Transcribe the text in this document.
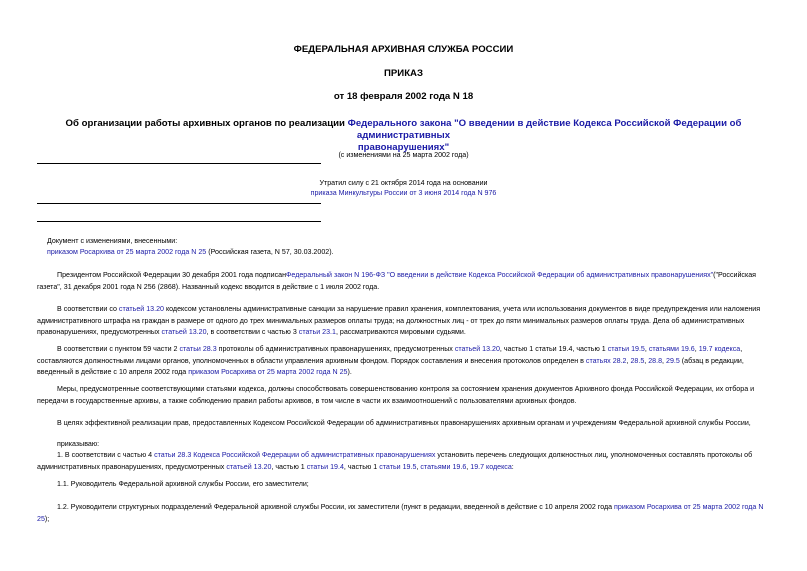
ФЕДЕРАЛЬНАЯ АРХИВНАЯ СЛУЖБА РОССИИ
ПРИКАЗ
от 18 февраля 2002 года N 18
Об организации работы архивных органов по реализации Федерального закона "О введении в действие Кодекса Российской Федерации об административных
правонарушениях"
(с изменениями на 25 марта 2002 года)
Утратил силу с 21 октября 2014 года на основании
приказа Минкультуры России от 3 июня 2014 года N 976
Документ с изменениями, внесенными:
приказом Росархива от 25 марта 2002 года N 25 (Российская газета, N 57, 30.03.2002).
Президентом Российской Федерации 30 декабря 2001 года подписанФедеральный закон N 196-ФЗ "О введении в действие Кодекса Российской Федерации об административных правонарушениях"("Российская газета", 31 декабря 2001 года N 256 (2868). Названный кодекс вводится в действие с 1 июля 2002 года.
В соответствии со статьей 13.20 кодексом установлены административные санкции за нарушение правил хранения, комплектования, учета или использования документов в виде предупреждения или наложения административного штрафа на граждан в размере от одного до трех минимальных размеров оплаты труда; на должностных лиц - от трех до пяти минимальных размеров оплаты труда. Дела об административных правонарушениях, предусмотренных статьей 13.20, в соответствии с частью 3 статьи 23.1, рассматриваются мировыми судьями.
В соответствии с пунктом 59 части 2 статьи 28.3 протоколы об административных правонарушениях, предусмотренных статьей 13.20, частью 1 статьи 19.4, частью 1 статьи 19.5, статьями 19.6, 19.7 кодекса, составляются должностными лицами органов, уполномоченных в области управления архивным фондом. Порядок составления и внесения протоколов определен в статьях 28.2, 28.5, 28.8, 29.5 (абзац в редакции, введенный в действие с 10 апреля 2002 года приказом Росархива от 25 марта 2002 года N 25).
Меры, предусмотренные соответствующими статьями кодекса, должны способствовать совершенствованию контроля за состоянием хранения документов Архивного фонда Российской Федерации, их отбора и передачи в государственные архивы, а также соблюдению правил работы архивов, в том числе в части их взаимоотношений с пользователями архивных фондов.
В целях эффективной реализации прав, предоставленных Кодексом Российской Федерации об административных правонарушениях архивным органам и учреждениям Федеральной архивной службы России,
приказываю:
1. В соответствии с частью 4 статьи 28.3 Кодекса Российской Федерации об административных правонарушениях установить перечень следующих должностных лиц, уполномоченных составлять протоколы об административных правонарушениях, предусмотренных статьей 13.20, частью 1 статьи 19.4, частью 1 статьи 19.5, статьями 19.6, 19.7 кодекса:
1.1. Руководитель Федеральной архивной службы России, его заместители;
1.2. Руководители структурных подразделений Федеральной архивной службы России, их заместители (пункт в редакции, введенной в действие с 10 апреля 2002 года приказом Росархива от 25 марта 2002 года N 25);
